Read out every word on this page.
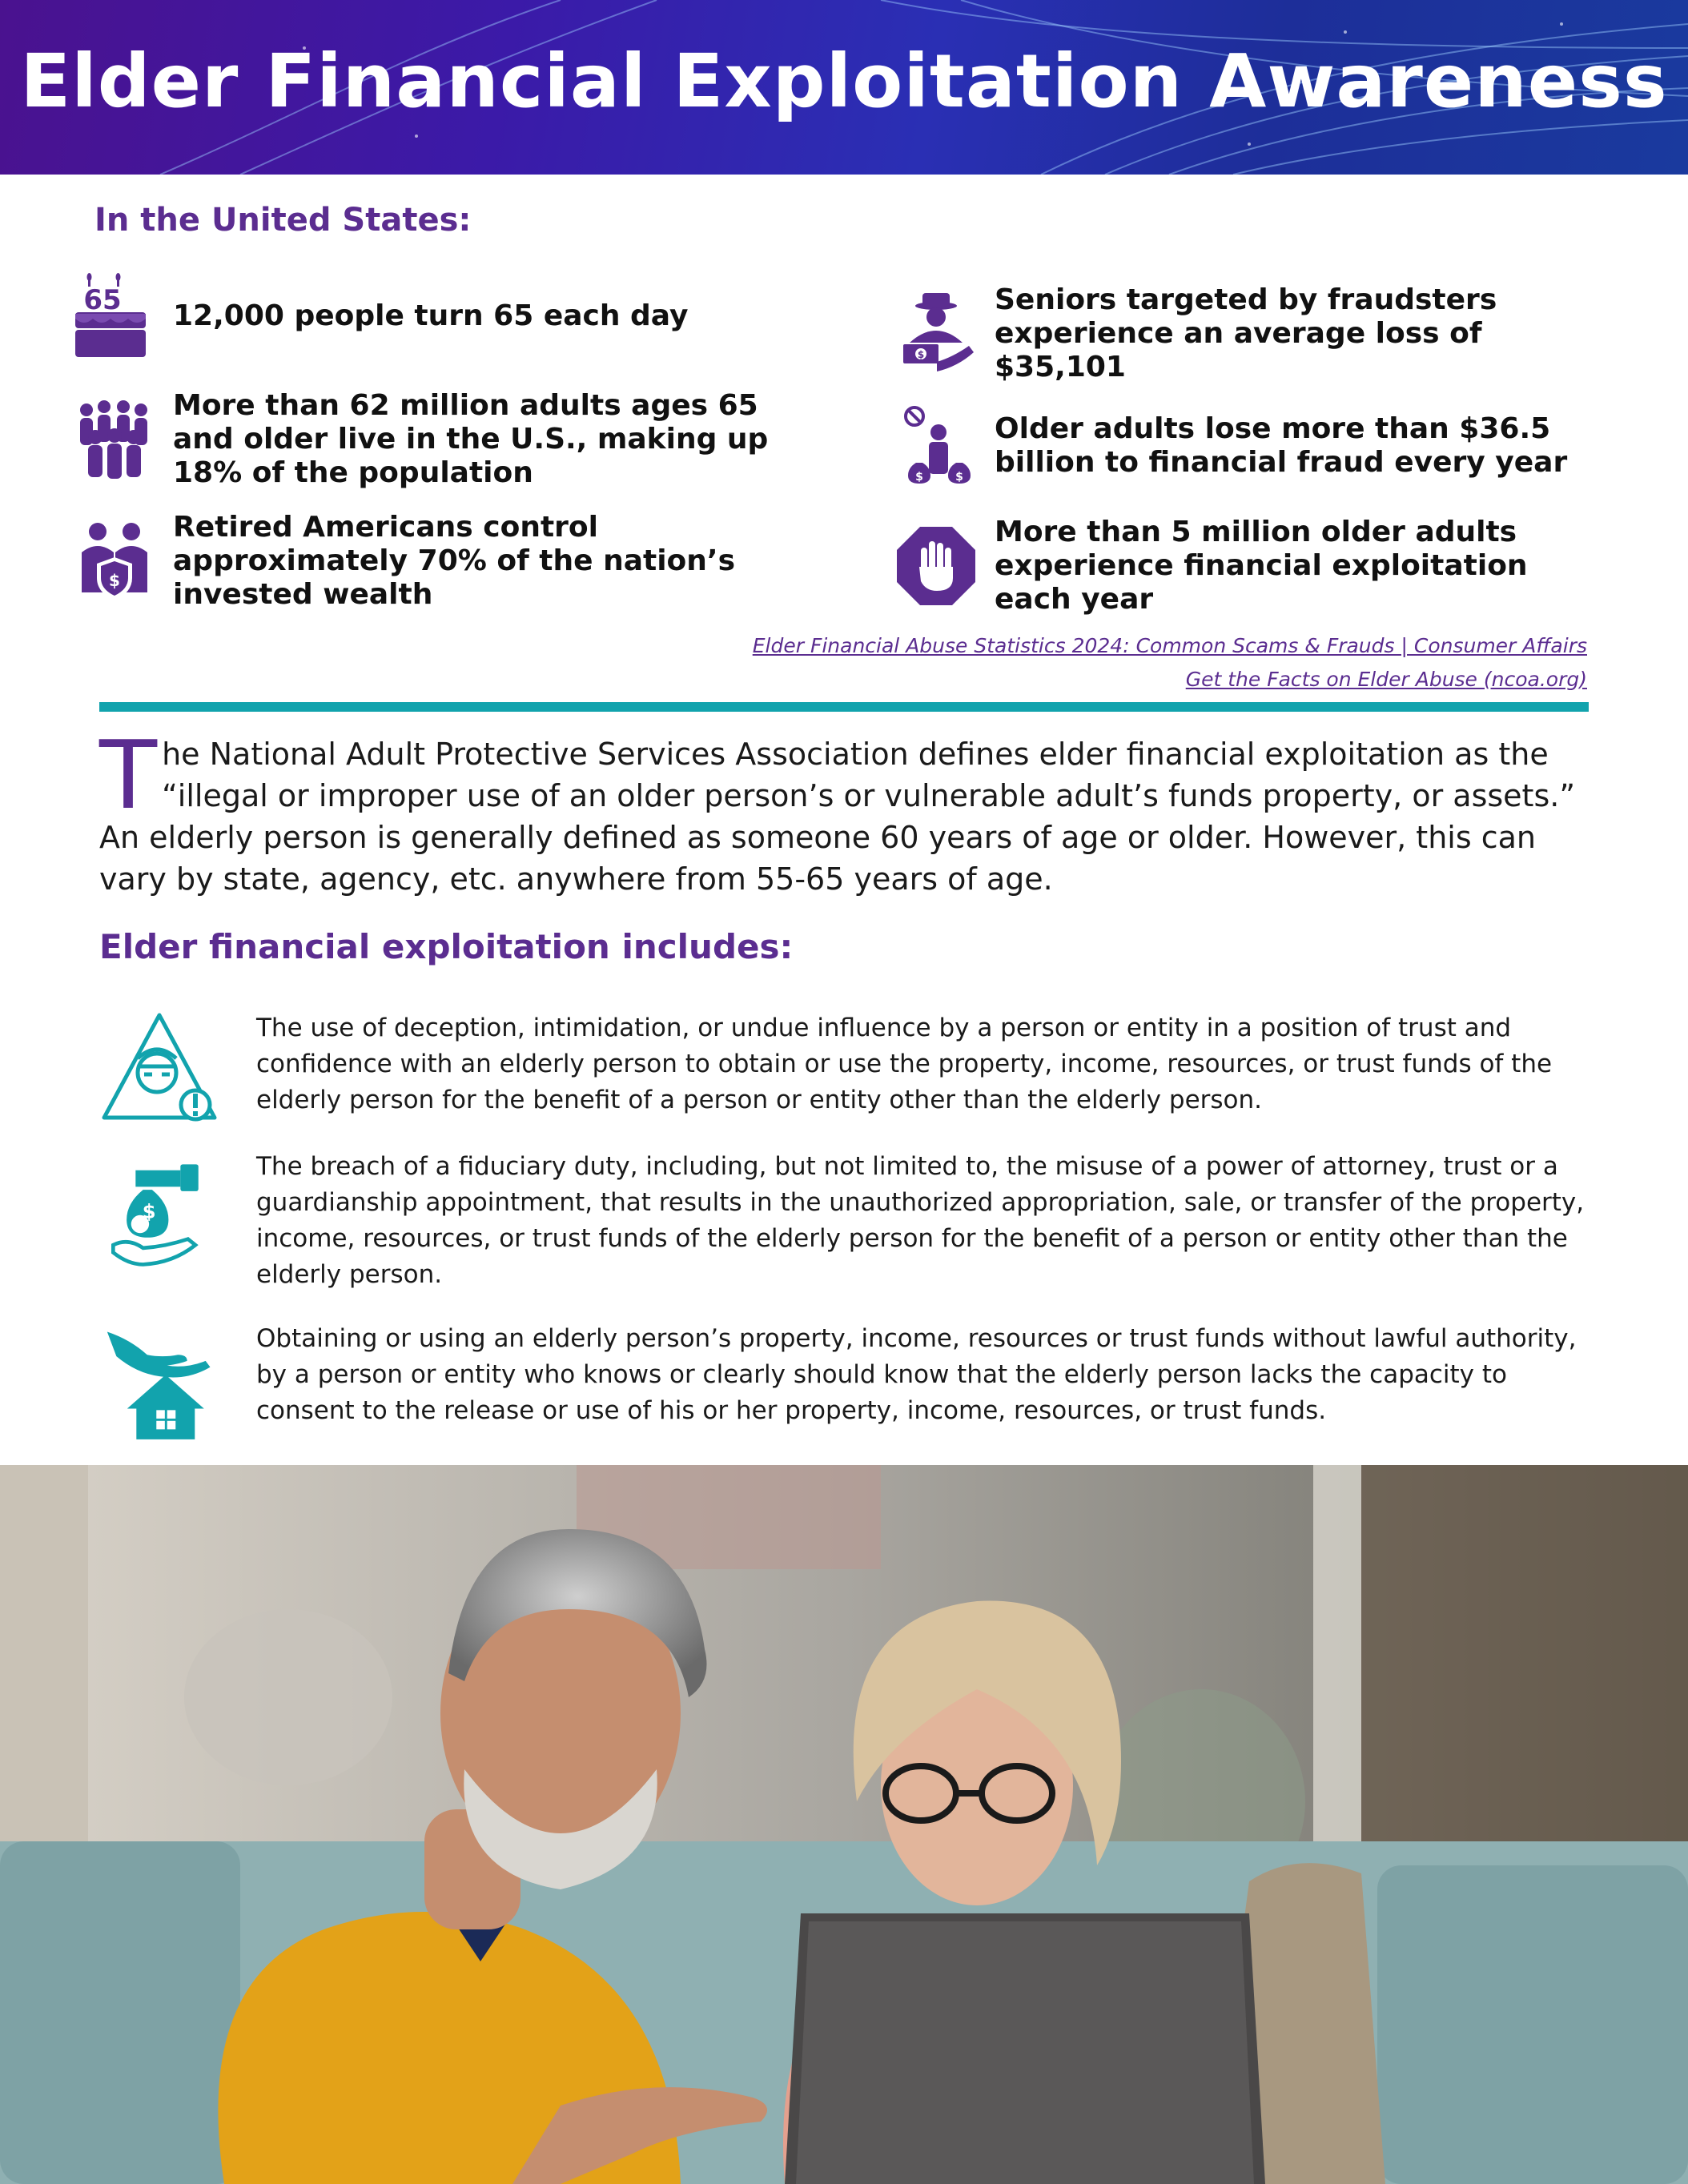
Elder Financial Exploitation Awareness
In the United States:
65 12,000 people turn 65 each day
More than 62 million adults ages 65 and older live in the U.S., making up 18% of the population
$
Retired Americans control approximately 70% of the nation’s invested wealth
$
Seniors targeted by fraudsters experience an average loss of $35,101
$	$
Older adults lose more than $36.5 billion to financial fraud every year
More than 5 million older adults experience financial exploitation each year
Elder Financial Abuse Statistics 2024: Common Scams & Frauds | Consumer Affairs
Get the Facts on Elder Abuse (ncoa.org)
T he National Adult Protective Services Association defines elder financial exploitation as the “illegal or improper use of an older person’s or vulnerable adult’s funds property, or assets.” An elderly person is generally defined as someone 60 years of age or older. However, this can vary by state, agency, etc. anywhere from 55-65 years of age.
Elder financial exploitation includes:
The use of deception, intimidation, or undue influence by a person or entity in a position of trust and confidence with an elderly person to obtain or use the property, income, resources, or trust funds of the elderly person for the benefit of a person or entity other than the elderly person.
$
The breach of a fiduciary duty, including, but not limited to, the misuse of a power of attorney, trust or a guardianship appointment, that results in the unauthorized appropriation, sale, or transfer of the property, income, resources, or trust funds of the elderly person for the benefit of a person or entity other than the elderly person.
Obtaining or using an elderly person’s property, income, resources or trust funds without lawful authority, by a person or entity who knows or clearly should know that the elderly person lacks the capacity to consent to the release or use of his or her property, income, resources, or trust funds.
